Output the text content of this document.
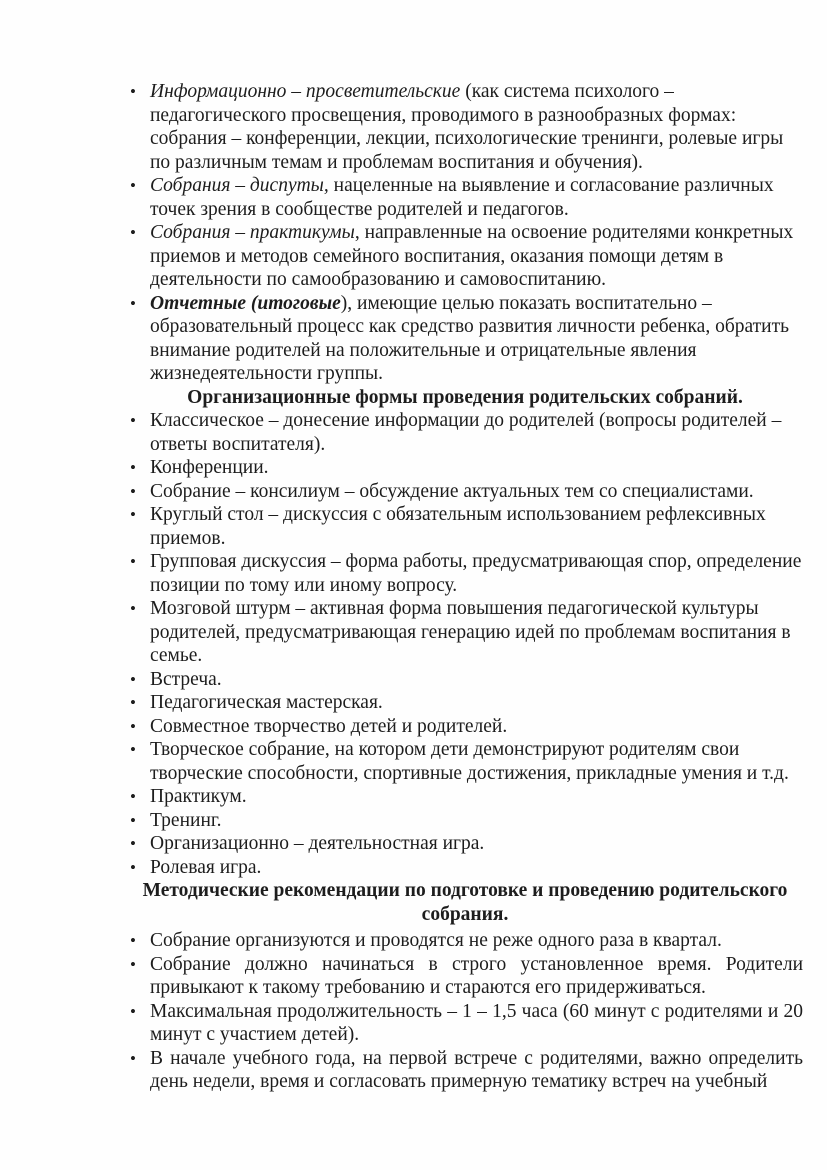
• Информационно – просветительские (как система психолого – педагогического просвещения, проводимого в разнообразных формах: собрания – конференции, лекции, психологические тренинги, ролевые игры по различным темам и проблемам воспитания и обучения).
• Собрания – диспуты, нацеленные на выявление и согласование различных точек зрения в сообществе родителей и педагогов.
• Собрания – практикумы, направленные на освоение родителями конкретных приемов и методов семейного воспитания, оказания помощи детям в деятельности по самообразованию и самовоспитанию.
• Отчетные (итоговые), имеющие целью показать воспитательно – образовательный процесс как средство развития личности ребенка, обратить внимание родителей на положительные и отрицательные явления жизнедеятельности группы.
Организационные формы проведения родительских собраний.
• Классическое – донесение информации до родителей (вопросы родителей – ответы воспитателя).
• Конференции.
• Собрание – консилиум – обсуждение актуальных тем со специалистами.
• Круглый стол – дискуссия с обязательным использованием рефлексивных приемов.
• Групповая дискуссия – форма работы, предусматривающая спор, определение позиции по тому или иному вопросу.
• Мозговой штурм – активная форма повышения педагогической культуры родителей, предусматривающая генерацию идей по проблемам воспитания в семье.
• Встреча.
• Педагогическая мастерская.
• Совместное творчество детей и родителей.
• Творческое собрание, на котором дети демонстрируют родителям свои творческие способности, спортивные достижения, прикладные умения и т.д.
• Практикум.
• Тренинг.
• Организационно – деятельностная игра.
• Ролевая игра.
Методические рекомендации по подготовке и проведению родительского собрания.
• Собрание организуются и проводятся не реже одного раза в квартал.
• Собрание должно начинаться в строго установленное время. Родители привыкают к такому требованию и стараются его придерживаться.
• Максимальная продолжительность – 1 – 1,5 часа (60 минут с родителями и 20 минут с участием детей).
• В начале учебного года, на первой встрече с родителями, важно определить день недели, время и согласовать примерную тематику встреч на учебный
